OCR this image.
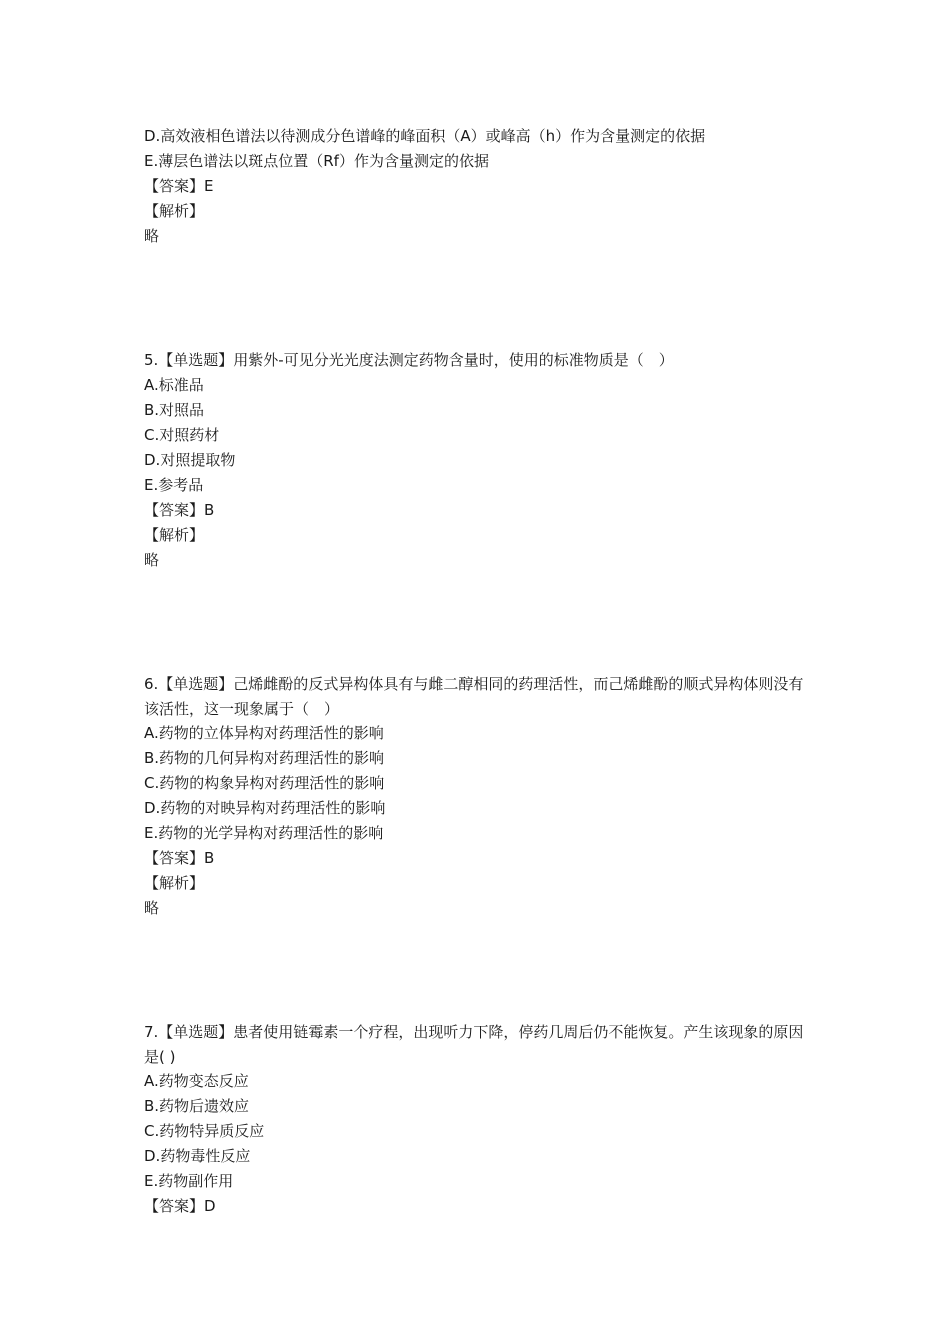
D.高效液相色谱法以待测成分色谱峰的峰面积（A）或峰高（h）作为含量测定的依据
E.薄层色谱法以斑点位置（Rf）作为含量测定的依据
【答案】E
【解析】
略
5.【单选题】用紫外-可见分光光度法测定药物含量时，使用的标准物质是（　）
A.标准品
B.对照品
C.对照药材
D.对照提取物
E.参考品
【答案】B
【解析】
略
6.【单选题】己烯雌酚的反式异构体具有与雌二醇相同的药理活性，而己烯雌酚的顺式异构体则没有该活性，这一现象属于（　）
A.药物的立体异构对药理活性的影响
B.药物的几何异构对药理活性的影响
C.药物的构象异构对药理活性的影响
D.药物的对映异构对药理活性的影响
E.药物的光学异构对药理活性的影响
【答案】B
【解析】
略
7.【单选题】患者使用链霉素一个疗程，出现听力下降，停药几周后仍不能恢复。产生该现象的原因是( )
A.药物变态反应
B.药物后遗效应
C.药物特异质反应
D.药物毒性反应
E.药物副作用
【答案】D
